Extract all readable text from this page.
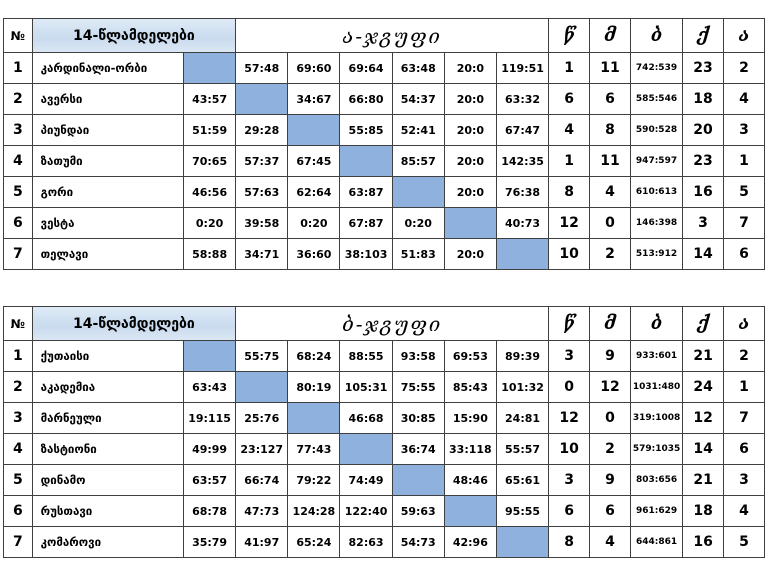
№	14-წლამდელები		ა-ჯგუფი						წ	მ	ბ	ქ	ა
1	კარდინალი-ორბი		57:48	69:60	69:64	63:48	20:0	119:51	1	11	742:539	23	2
2	ავერსი	43:57		34:67	66:80	54:37	20:0	63:32	6	6	585:546	18	4
3	პიუნდაი	51:59	29:28		55:85	52:41	20:0	67:47	4	8	590:528	20	3
4	ზათუმი	70:65	57:37	67:45		85:57	20:0	142:35	1	11	947:597	23	1
5	გორი	46:56	57:63	62:64	63:87		20:0	76:38	8	4	610:613	16	5
6	ვესტა	0:20	39:58	0:20	67:87	0:20		40:73	12	0	146:398	3	7
7	თელავი	58:88	34:71	36:60	38:103	51:83	20:0		10	2	513:912	14	6
№	14-წლამდელები		ბ-ჯგუფი						წ	მ	ბ	ქ	ა
1	ქუთაისი		55:75	68:24	88:55	93:58	69:53	89:39	3	9	933:601	21	2
2	აკადემია	63:43		80:19	105:31	75:55	85:43	101:32	0	12	1031:480	24	1
3	მარნეული	19:115	25:76		46:68	30:85	15:90	24:81	12	0	319:1008	12	7
4	ზასტიონი	49:99	23:127	77:43		36:74	33:118	55:57	10	2	579:1035	14	6
5	დინამო	63:57	66:74	79:22	74:49		48:46	65:61	3	9	803:656	21	3
6	რუსთავი	68:78	47:73	124:28	122:40	59:63		95:55	6	6	961:629	18	4
7	კომაროვი	35:79	41:97	65:24	82:63	54:73	42:96		8	4	644:861	16	5
